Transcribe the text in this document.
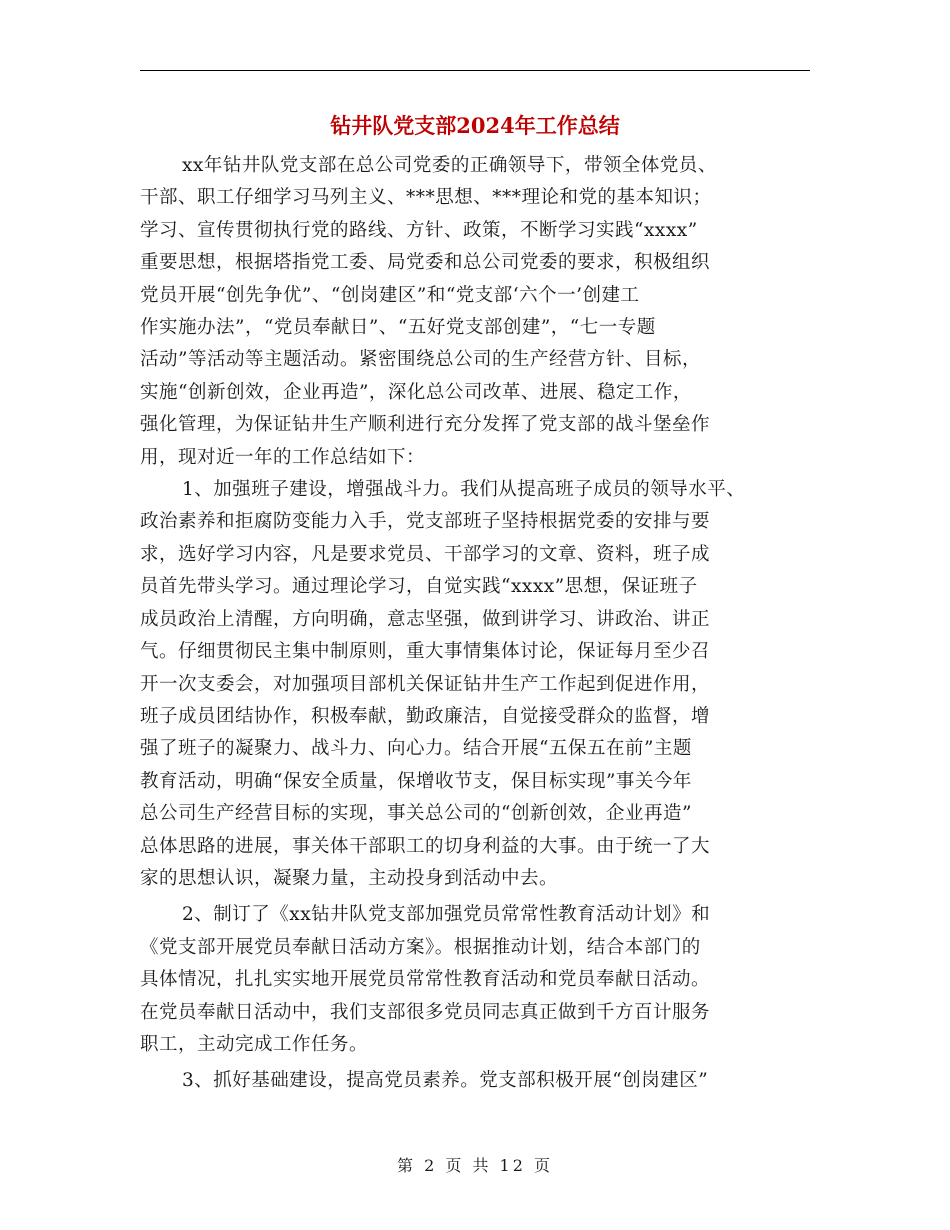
钻井队党支部2024年工作总结
xx年钻井队党支部在总公司党委的正确领导下，带领全体党员、
干部、职工仔细学习马列主义、***思想、***理论和党的基本知识；
学习、宣传贯彻执行党的路线、方针、政策，不断学习实践“xxxx”
重要思想，根据塔指党工委、局党委和总公司党委的要求，积极组织
党员开展“创先争优”、“创岗建区”和“党支部‘六个一’创建工
作实施办法”，“党员奉献日”、“五好党支部创建”，“七一专题
活动”等活动等主题活动。紧密围绕总公司的生产经营方针、目标，
实施“创新创效，企业再造”，深化总公司改革、进展、稳定工作，
强化管理，为保证钻井生产顺利进行充分发挥了党支部的战斗堡垒作
用，现对近一年的工作总结如下：
1、加强班子建设，增强战斗力。我们从提高班子成员的领导水平、
政治素养和拒腐防变能力入手，党支部班子坚持根据党委的安排与要
求，选好学习内容，凡是要求党员、干部学习的文章、资料，班子成
员首先带头学习。通过理论学习，自觉实践“xxxx”思想，保证班子
成员政治上清醒，方向明确，意志坚强，做到讲学习、讲政治、讲正
气。仔细贯彻民主集中制原则，重大事情集体讨论，保证每月至少召
开一次支委会，对加强项目部机关保证钻井生产工作起到促进作用，
班子成员团结协作，积极奉献，勤政廉洁，自觉接受群众的监督，增
强了班子的凝聚力、战斗力、向心力。结合开展“五保五在前”主题
教育活动，明确“保安全质量，保增收节支，保目标实现”事关今年
总公司生产经营目标的实现，事关总公司的“创新创效，企业再造”
总体思路的进展，事关体干部职工的切身利益的大事。由于统一了大
家的思想认识，凝聚力量，主动投身到活动中去。
2、制订了《xx钻井队党支部加强党员常常性教育活动计划》和
《党支部开展党员奉献日活动方案》。根据推动计划，结合本部门的
具体情况，扎扎实实地开展党员常常性教育活动和党员奉献日活动。
在党员奉献日活动中，我们支部很多党员同志真正做到千方百计服务
职工，主动完成工作任务。
3、抓好基础建设，提高党员素养。党支部积极开展“创岗建区”
第 2 页 共 12 页
